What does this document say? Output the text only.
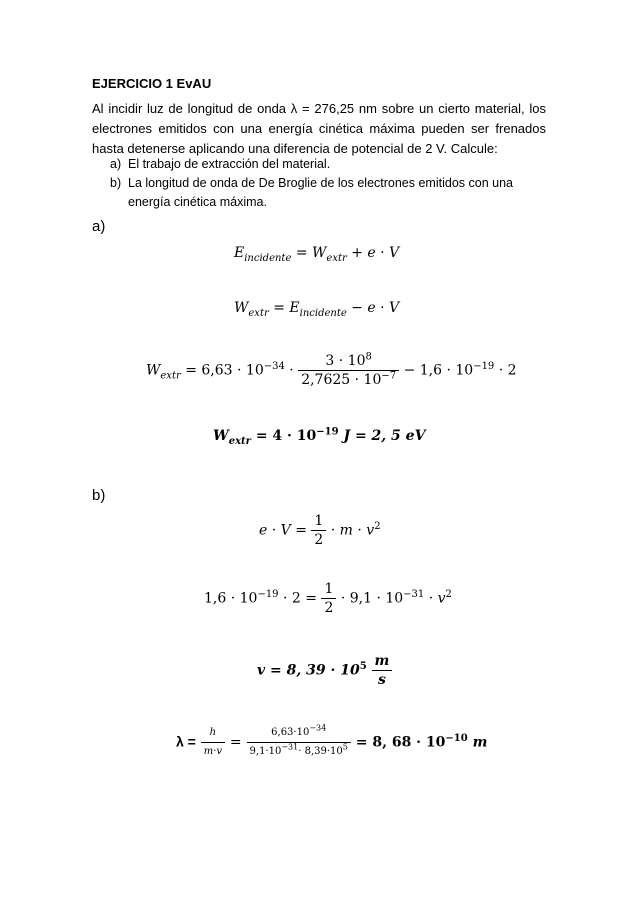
EJERCICIO 1 EvAU
Al incidir luz de longitud de onda λ = 276,25 nm sobre un cierto material, los electrones emitidos con una energía cinética máxima pueden ser frenados hasta detenerse aplicando una diferencia de potencial de 2 V. Calcule:
a) El trabajo de extracción del material.
b) La longitud de onda de De Broglie de los electrones emitidos con una energía cinética máxima.
a)
$E_{incidente} = W_{extr} + e \cdot V$
$W_{extr} = E_{incidente} - e \cdot V$
$W_{extr} = 6,63 \cdot 10^{-34} \cdot \frac{3 \cdot 10^8}{2,7625 \cdot 10^{-7}} - 1,6 \cdot 10^{-19} \cdot 2$
$W_{extr} = 4 \cdot 10^{-19}$ J = 2, 5 eV
b)
$e \cdot V = \frac{1}{2} \cdot m \cdot v^2$
$1,6 \cdot 10^{-19} \cdot 2 = \frac{1}{2} \cdot 9,1 \cdot 10^{-31} \cdot v^2$
v = 8, $39 \cdot 10^5 \frac{m}{s}$
$\lambda = \frac{h}{m\cdot v} = \frac{6,63\cdot 10^{-34}}{9,1\cdot 10^{-31}\cdot 8,39\cdot 10^5} = 8$, $68 \cdot 10^{-10}$ m
